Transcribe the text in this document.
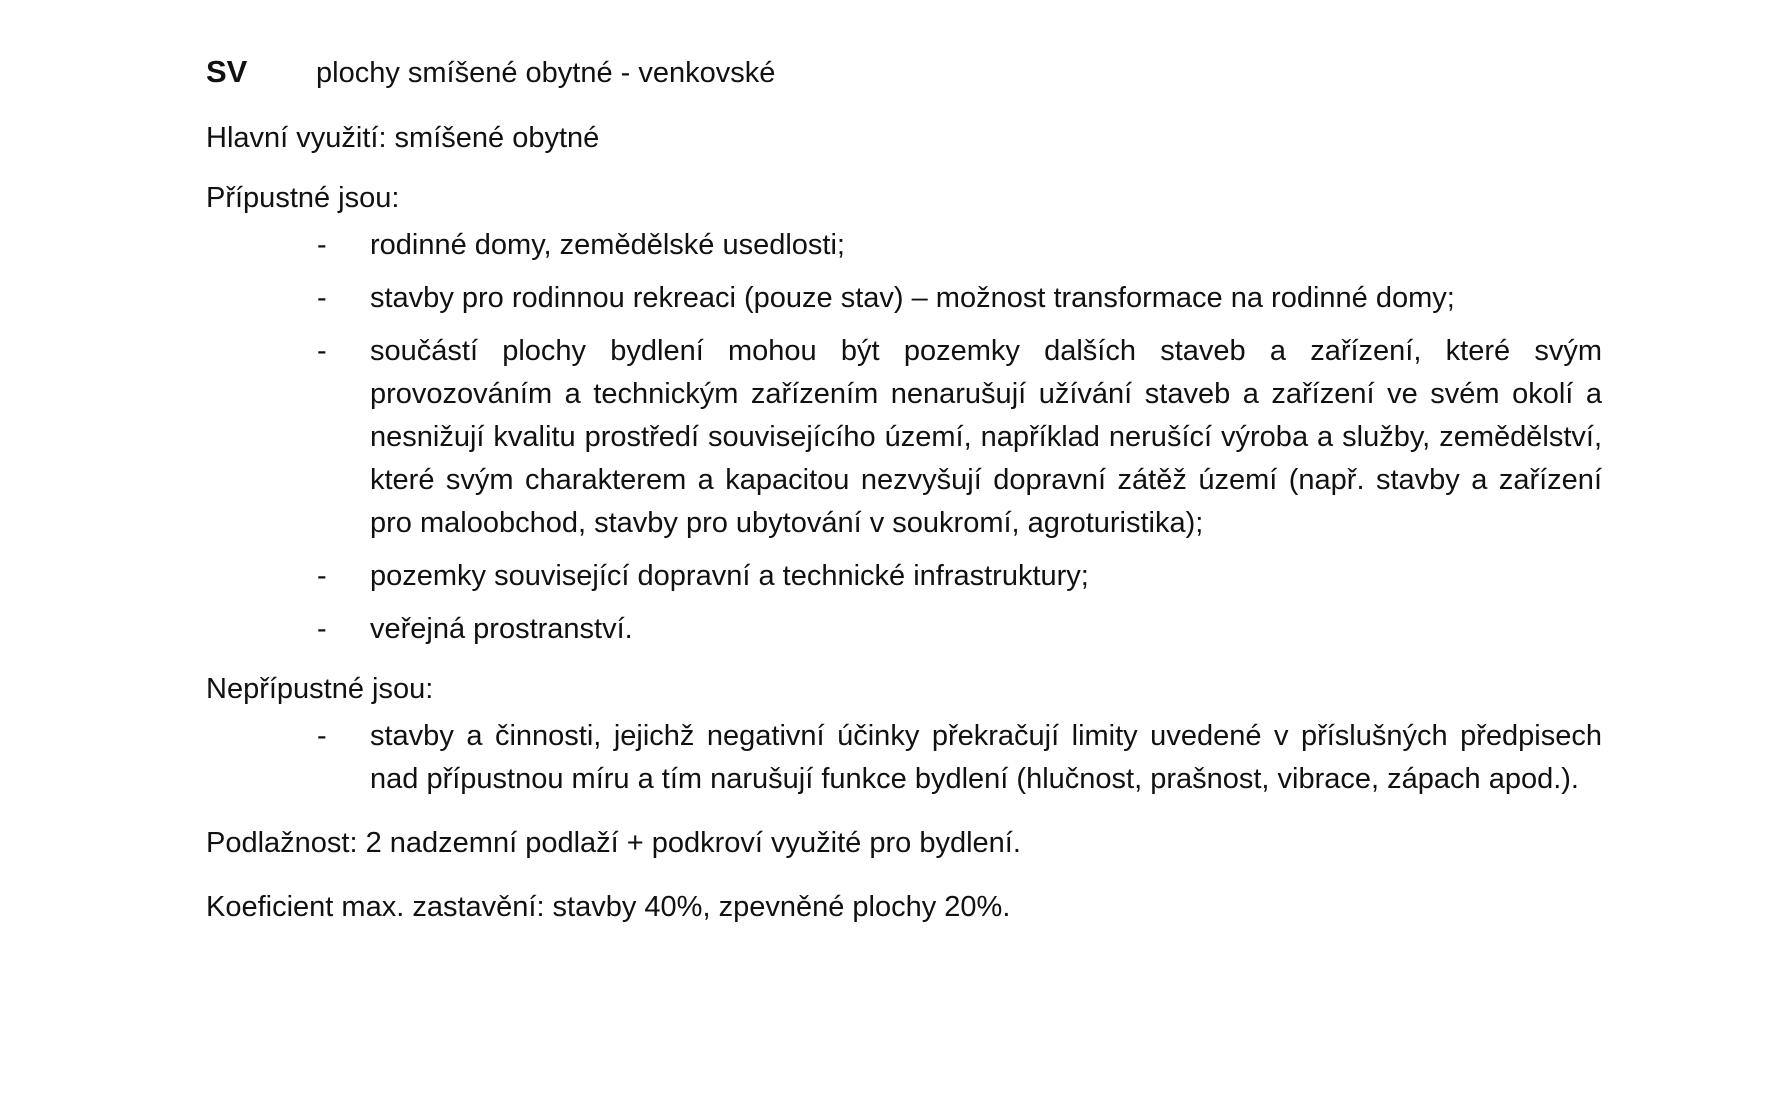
SV	plochy smíšené obytné - venkovské

Hlavní využití: smíšené obytné

Přípustné jsou:

-	rodinné domy, zemědělské usedlosti;
-	stavby pro rodinnou rekreaci (pouze stav) – možnost transformace na rodinné domy;
-	součástí plochy bydlení mohou být pozemky dalších staveb a zařízení, které svým provozováním a technickým zařízením nenarušují užívání staveb a zařízení ve svém okolí a nesnižují kvalitu prostředí souvisejícího území, například nerušící výroba a služby, zemědělství, které svým charakterem a kapacitou nezvyšují dopravní zátěž území (např. stavby a zařízení pro maloobchod, stavby pro ubytování v soukromí, agroturistika);
-	pozemky související dopravní a technické infrastruktury;
-	veřejná prostranství.

Nepřípustné jsou:

-	stavby a činnosti, jejichž negativní účinky překračují limity uvedené v příslušných předpisech nad přípustnou míru a tím narušují funkce bydlení (hlučnost, prašnost, vibrace, zápach apod.).

Podlažnost: 2 nadzemní podlaží + podkroví využité pro bydlení.

Koeficient max. zastavění: stavby 40%, zpevněné plochy 20%.
